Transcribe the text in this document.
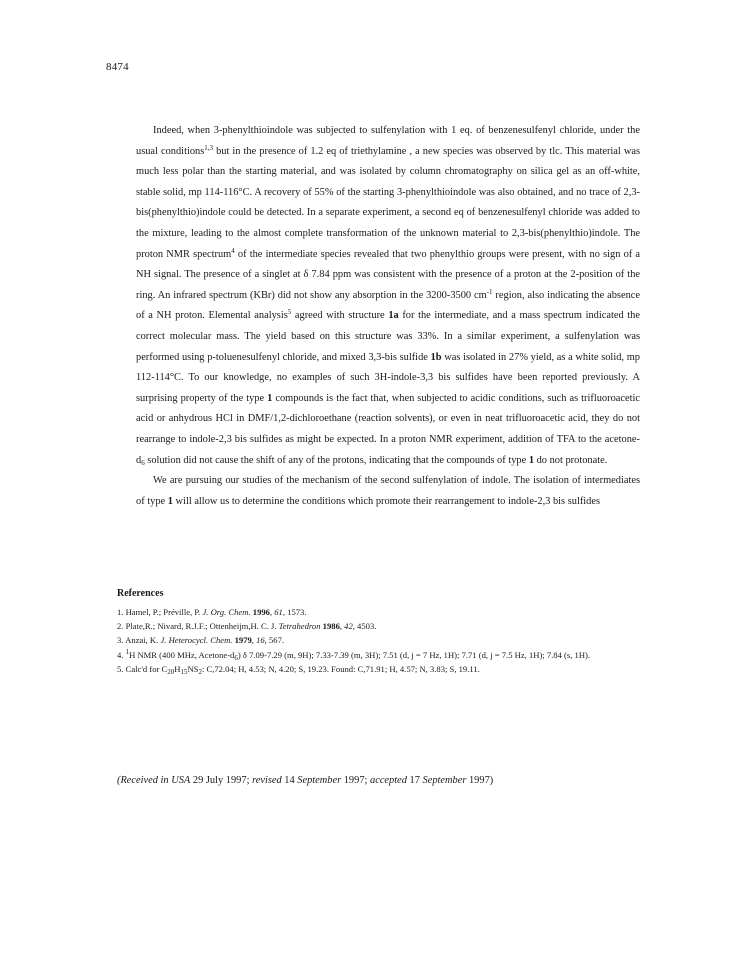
8474

Indeed, when 3-phenylthioindole was subjected to sulfenylation with 1 eq. of benzenesulfenyl chloride, under the usual conditions$^{1,3}$ but in the presence of 1.2 eq of triethylamine , a new species was observed by tlc. This material was much less polar than the starting material, and was isolated by column chromatography on silica gel as an off-white, stable solid, mp 114-116°C. A recovery of 55% of the starting 3-phenylthioindole was also obtained, and no trace of 2,3-bis(phenylthio)indole could be detected. In a separate experiment, a second eq of benzenesulfenyl chloride was added to the mixture, leading to the almost complete transformation of the unknown material to 2,3-bis(phenylthio)indole. The proton NMR spectrum$^4$ of the intermediate species revealed that two phenylthio groups were present, with no sign of a NH signal. The presence of a singlet at δ 7.84 ppm was consistent with the presence of a proton at the 2-position of the ring. An infrared spectrum (KBr) did not show any absorption in the 3200-3500 $cm^{-1}$ region, also indicating the absence of a NH proton. Elemental analysis$^5$ agreed with structure 1a for the intermediate, and a mass spectrum indicated the correct molecular mass. The yield based on this structure was 33%. In a similar experiment, a sulfenylation was performed using p-toluenesulfenyl chloride, and mixed 3,3-bis sulfide 1b was isolated in 27% yield, as a white solid, mp 112-114°C. To our knowledge, no examples of such 3H-indole-3,3 bis sulfides have been reported previously. A surprising property of the type 1 compounds is the fact that, when subjected to acidic conditions, such as trifluoroacetic acid or anhydrous HCl in DMF/1,2-dichloroethane (reaction solvents), or even in neat trifluoroacetic acid, they do not rearrange to indole-2,3 bis sulfides as might be expected. In a proton NMR experiment, addition of TFA to the acetone-$d_6$ solution did not cause the shift of any of the protons, indicating that the compounds of type 1 do not protonate.

We are pursuing our studies of the mechanism of the second sulfenylation of indole. The isolation of intermediates of type 1 will allow us to determine the conditions which promote their rearrangement to indole-2,3 bis sulfides

References
1. Hamel, P.; Préville, P. J. Org. Chem. 1996, 61, 1573.
2. Plate,R.; Nivard, R.J.F.; Ottenheijm,H. C. J. Tetrahedron 1986, 42, 4503.
3. Anzai, K. J. Heterocycl. Chem. 1979, 16, 567.
4. $^1$H NMR (400 MHz, Acetone-$d_6$) δ 7.09-7.29 (m, 9H); 7.33-7.39 (m, 3H); 7.51 (d, j = 7 Hz, 1H); 7.71 (d, j = 7.5 Hz, 1H); 7.84 (s, 1H).
5. Calc'd for $C_{20}H_{15}NS_2$: C,72.04; H, 4.53; N, 4.20; S, 19.23. Found: C,71.91; H, 4.57; N, 3.83; S, 19.11.
(Received in USA 29 July 1997; revised 14 September 1997; accepted 17 September 1997)
